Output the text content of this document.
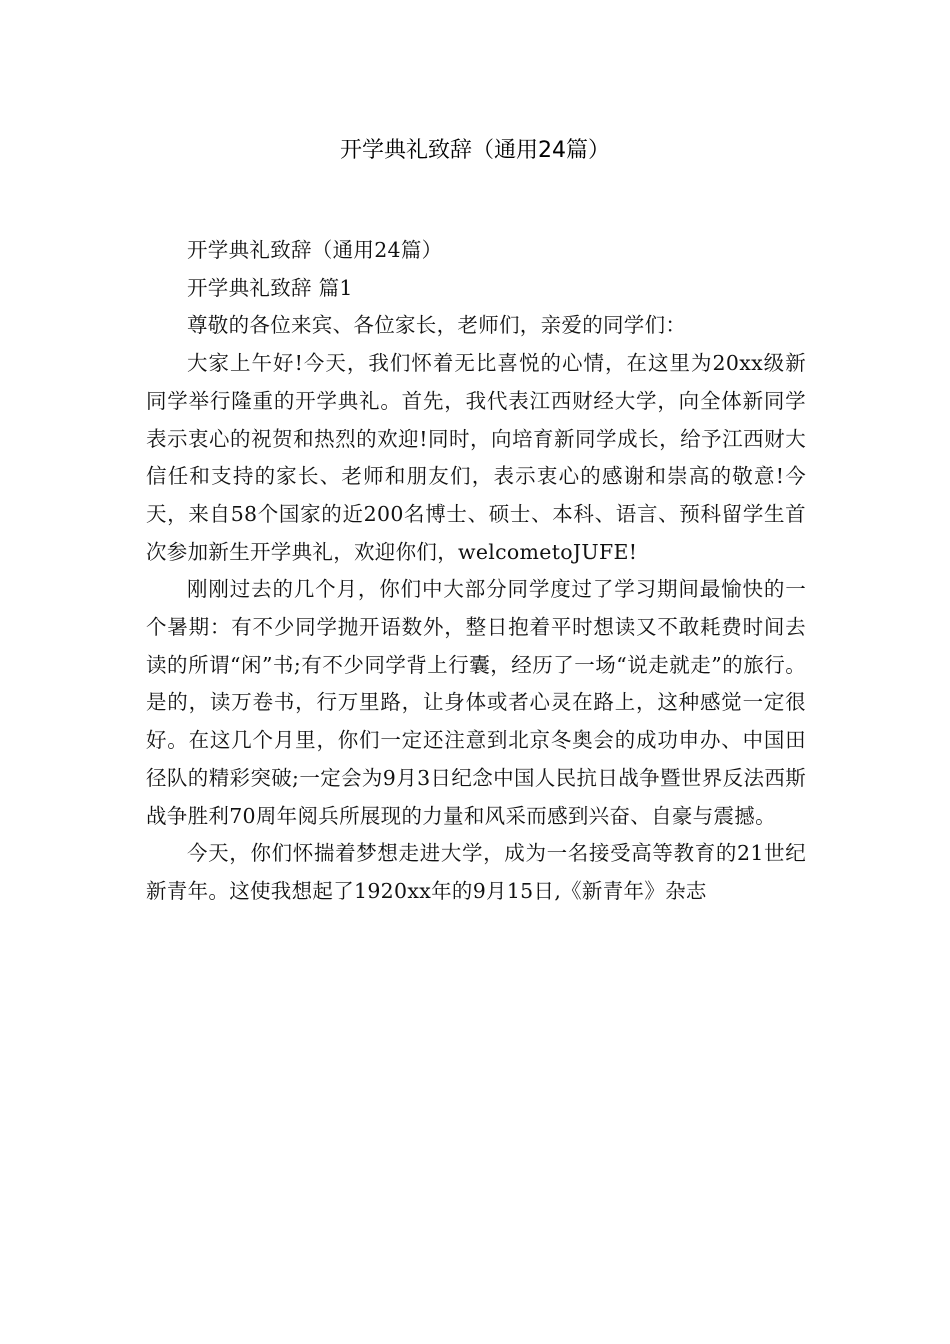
开学典礼致辞（通用24篇）

开学典礼致辞（通用24篇）

开学典礼致辞 篇1

尊敬的各位来宾、各位家长，老师们，亲爱的同学们：

大家上午好!今天，我们怀着无比喜悦的心情，在这里为20xx级新同学举行隆重的开学典礼。首先，我代表江西财经大学，向全体新同学表示衷心的祝贺和热烈的欢迎!同时，向培育新同学成长，给予江西财大信任和支持的家长、老师和朋友们，表示衷心的感谢和崇高的敬意!今天，来自58个国家的近200名博士、硕士、本科、语言、预科留学生首次参加新生开学典礼，欢迎你们，welcometoJUFE!

刚刚过去的几个月，你们中大部分同学度过了学习期间最愉快的一个暑期：有不少同学抛开语数外，整日抱着平时想读又不敢耗费时间去读的所谓“闲”书;有不少同学背上行囊，经历了一场“说走就走”的旅行。是的，读万卷书，行万里路，让身体或者心灵在路上，这种感觉一定很好。在这几个月里，你们一定还注意到北京冬奥会的成功申办、中国田径队的精彩突破;一定会为9月3日纪念中国人民抗日战争暨世界反法西斯战争胜利70周年阅兵所展现的力量和风采而感到兴奋、自豪与震撼。

今天，你们怀揣着梦想走进大学，成为一名接受高等教育的21世纪新青年。这使我想起了1920xx年的9月15日,《新青年》杂志
